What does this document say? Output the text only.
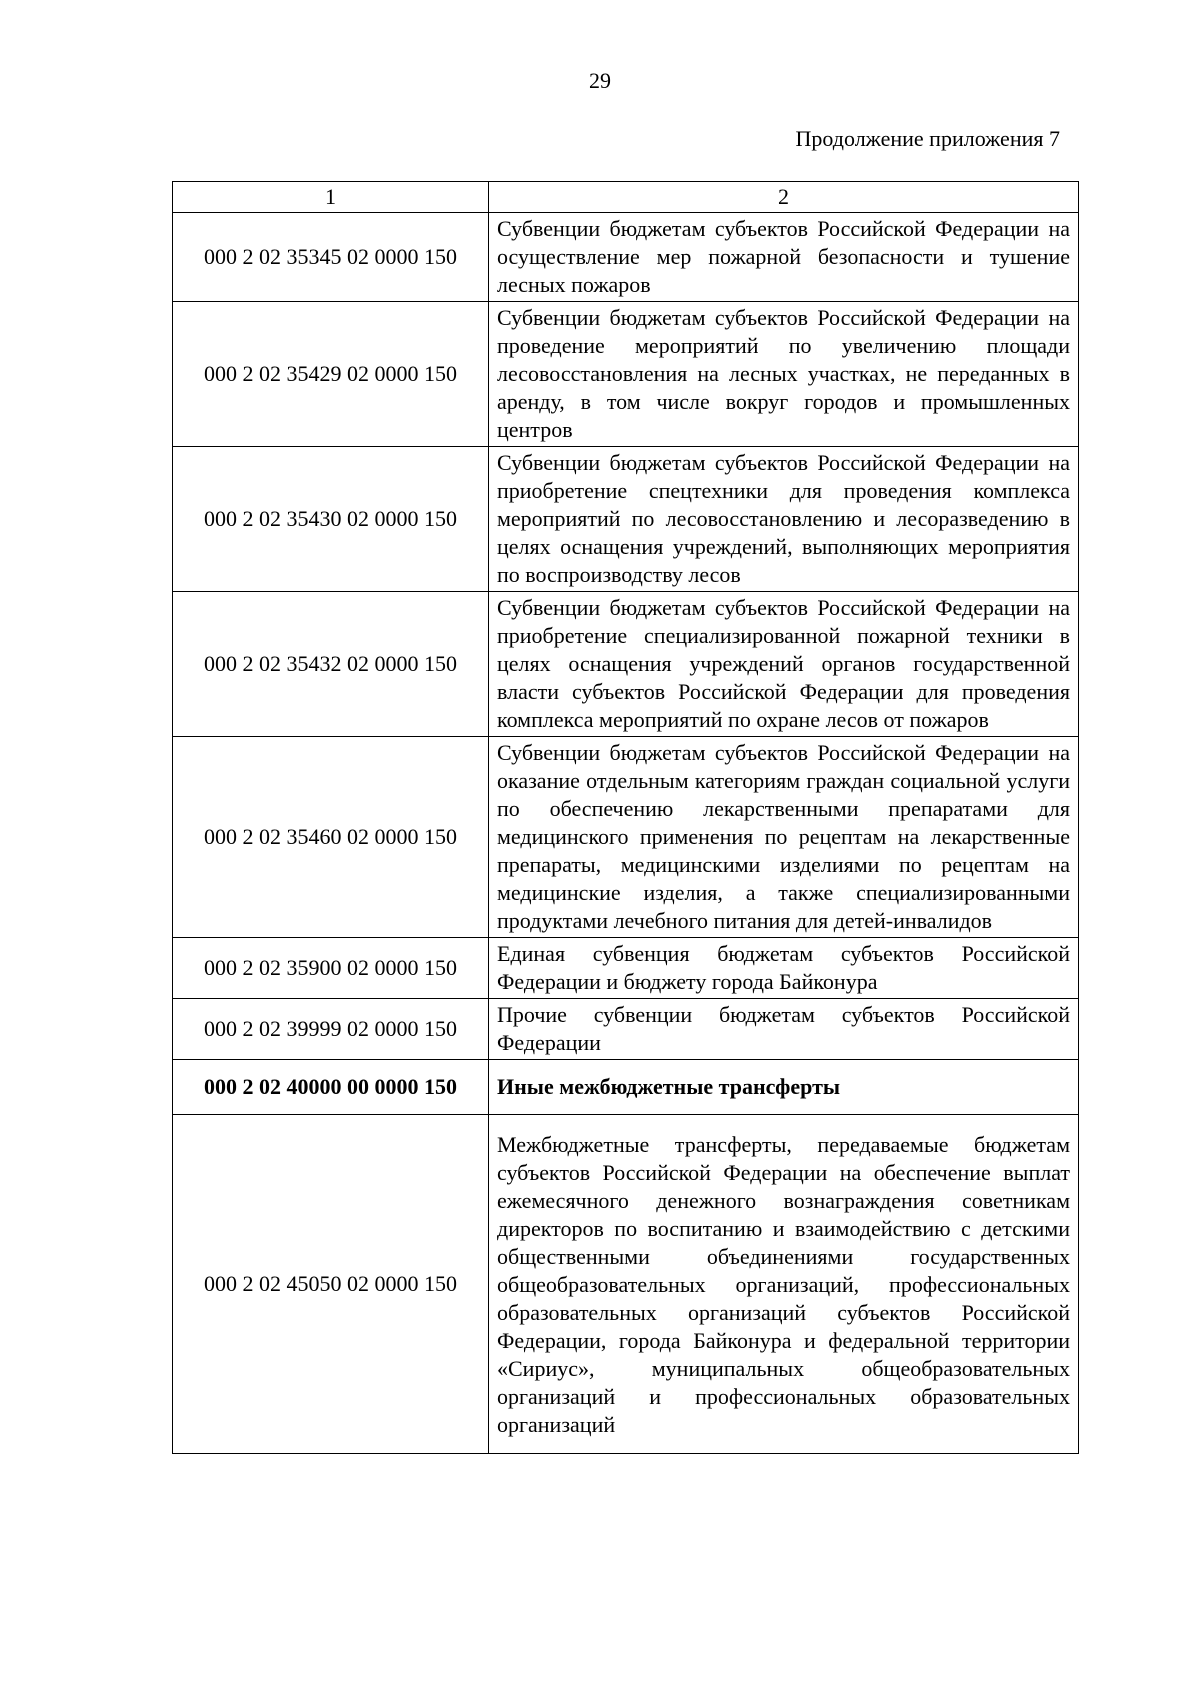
29
Продолжение приложения 7
1	2
000 2 02 35345 02 0000 150	Субвенции бюджетам субъектов Российской Федерации на осуществление мер пожарной безопасности и тушение лесных пожаров
000 2 02 35429 02 0000 150	Субвенции бюджетам субъектов Российской Федерации на проведение мероприятий по увеличению площади лесовосстановления на лесных участках, не переданных в аренду, в том числе вокруг городов и промышленных центров
000 2 02 35430 02 0000 150	Субвенции бюджетам субъектов Российской Федерации на приобретение спецтехники для проведения комплекса мероприятий по лесовосстановлению и лесоразведению в целях оснащения учреждений, выполняющих мероприятия по воспроизводству лесов
000 2 02 35432 02 0000 150	Субвенции бюджетам субъектов Российской Федерации на приобретение специализированной пожарной техники в целях оснащения учреждений органов государственной власти субъектов Российской Федерации для проведения комплекса мероприятий по охране лесов от пожаров
000 2 02 35460 02 0000 150	Субвенции бюджетам субъектов Российской Федерации на оказание отдельным категориям граждан социальной услуги по обеспечению лекарственными препаратами для медицинского применения по рецептам на лекарственные препараты, медицинскими изделиями по рецептам на медицинские изделия, а также специализированными продуктами лечебного питания для детей-инвалидов
000 2 02 35900 02 0000 150	Единая субвенция бюджетам субъектов Российской Федерации и бюджету города Байконура
000 2 02 39999 02 0000 150	Прочие субвенции бюджетам субъектов Российской Федерации
000 2 02 40000 00 0000 150	Иные межбюджетные трансферты
000 2 02 45050 02 0000 150	Межбюджетные трансферты, передаваемые бюджетам субъектов Российской Федерации на обеспечение выплат ежемесячного денежного вознаграждения советникам директоров по воспитанию и взаимодействию с детскими общественными объединениями государственных общеобразовательных организаций, профессиональных образовательных организаций субъектов Российской Федерации, города Байконура и федеральной территории «Сириус», муниципальных общеобразовательных организаций и профессиональных образовательных организаций
